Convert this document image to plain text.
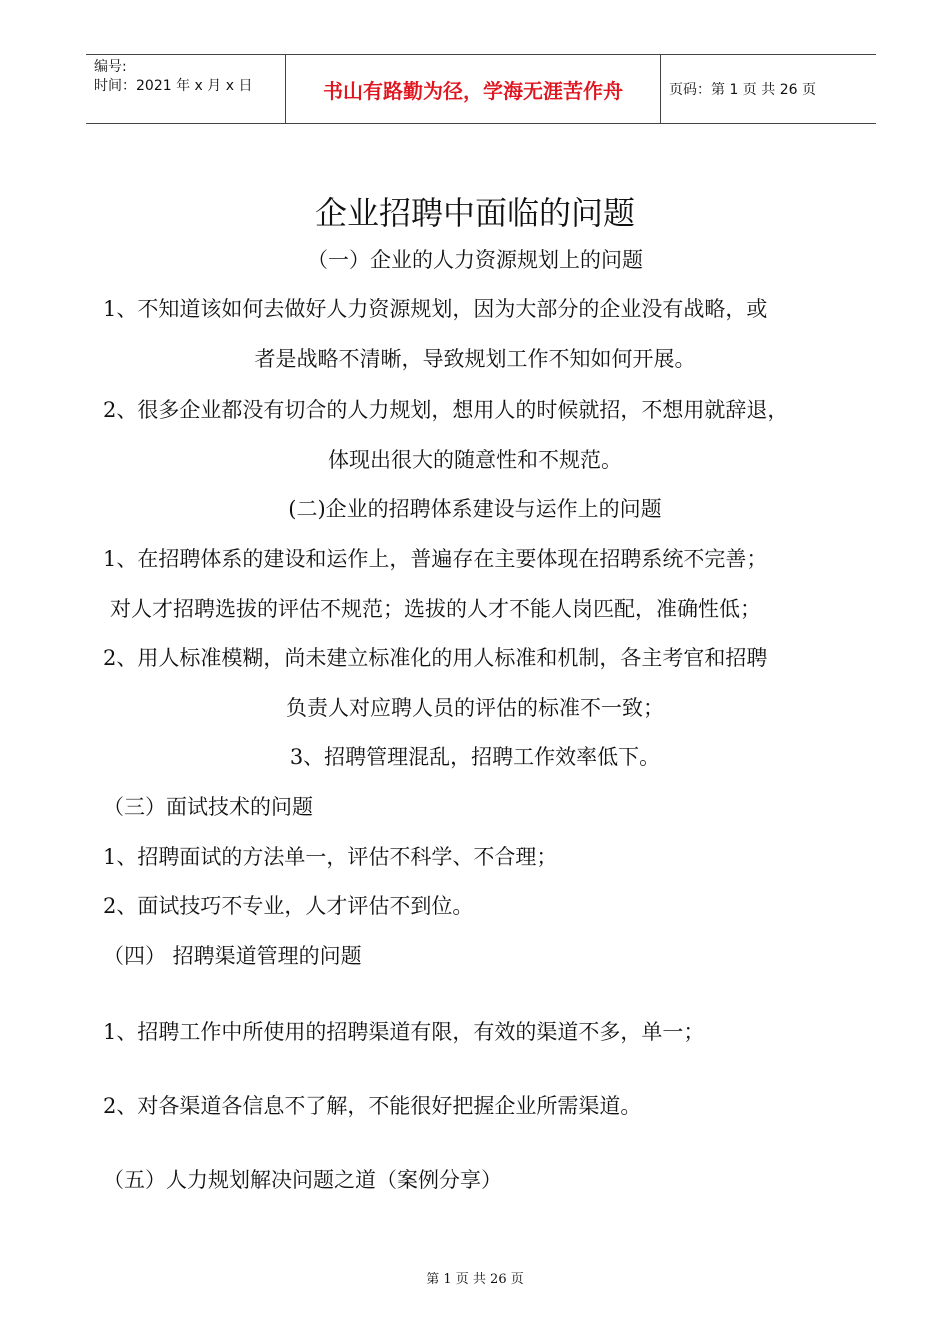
编号:
时间：2021 年 x 月 x 日	书山有路勤为径，学海无涯苦作舟	页码：第 1 页 共 26 页
企业招聘中面临的问题
（一）企业的人力资源规划上的问题
1、不知道该如何去做好人力资源规划，因为大部分的企业没有战略，或
者是战略不清晰，导致规划工作不知如何开展。
2、很多企业都没有切合的人力规划，想用人的时候就招，不想用就辞退，
体现出很大的随意性和不规范。
(二)企业的招聘体系建设与运作上的问题
1、在招聘体系的建设和运作上，普遍存在主要体现在招聘系统不完善；
对人才招聘选拔的评估不规范；选拔的人才不能人岗匹配，准确性低；
2、用人标准模糊，尚未建立标准化的用人标准和机制，各主考官和招聘
负责人对应聘人员的评估的标准不一致；
3、招聘管理混乱，招聘工作效率低下。
（三）面试技术的问题
1、招聘面试的方法单一，评估不科学、不合理；
2、面试技巧不专业，人才评估不到位。
（四） 招聘渠道管理的问题
1、招聘工作中所使用的招聘渠道有限，有效的渠道不多，单一；
2、对各渠道各信息不了解，不能很好把握企业所需渠道。
（五）人力规划解决问题之道（案例分享）
第 1 页 共 26 页
